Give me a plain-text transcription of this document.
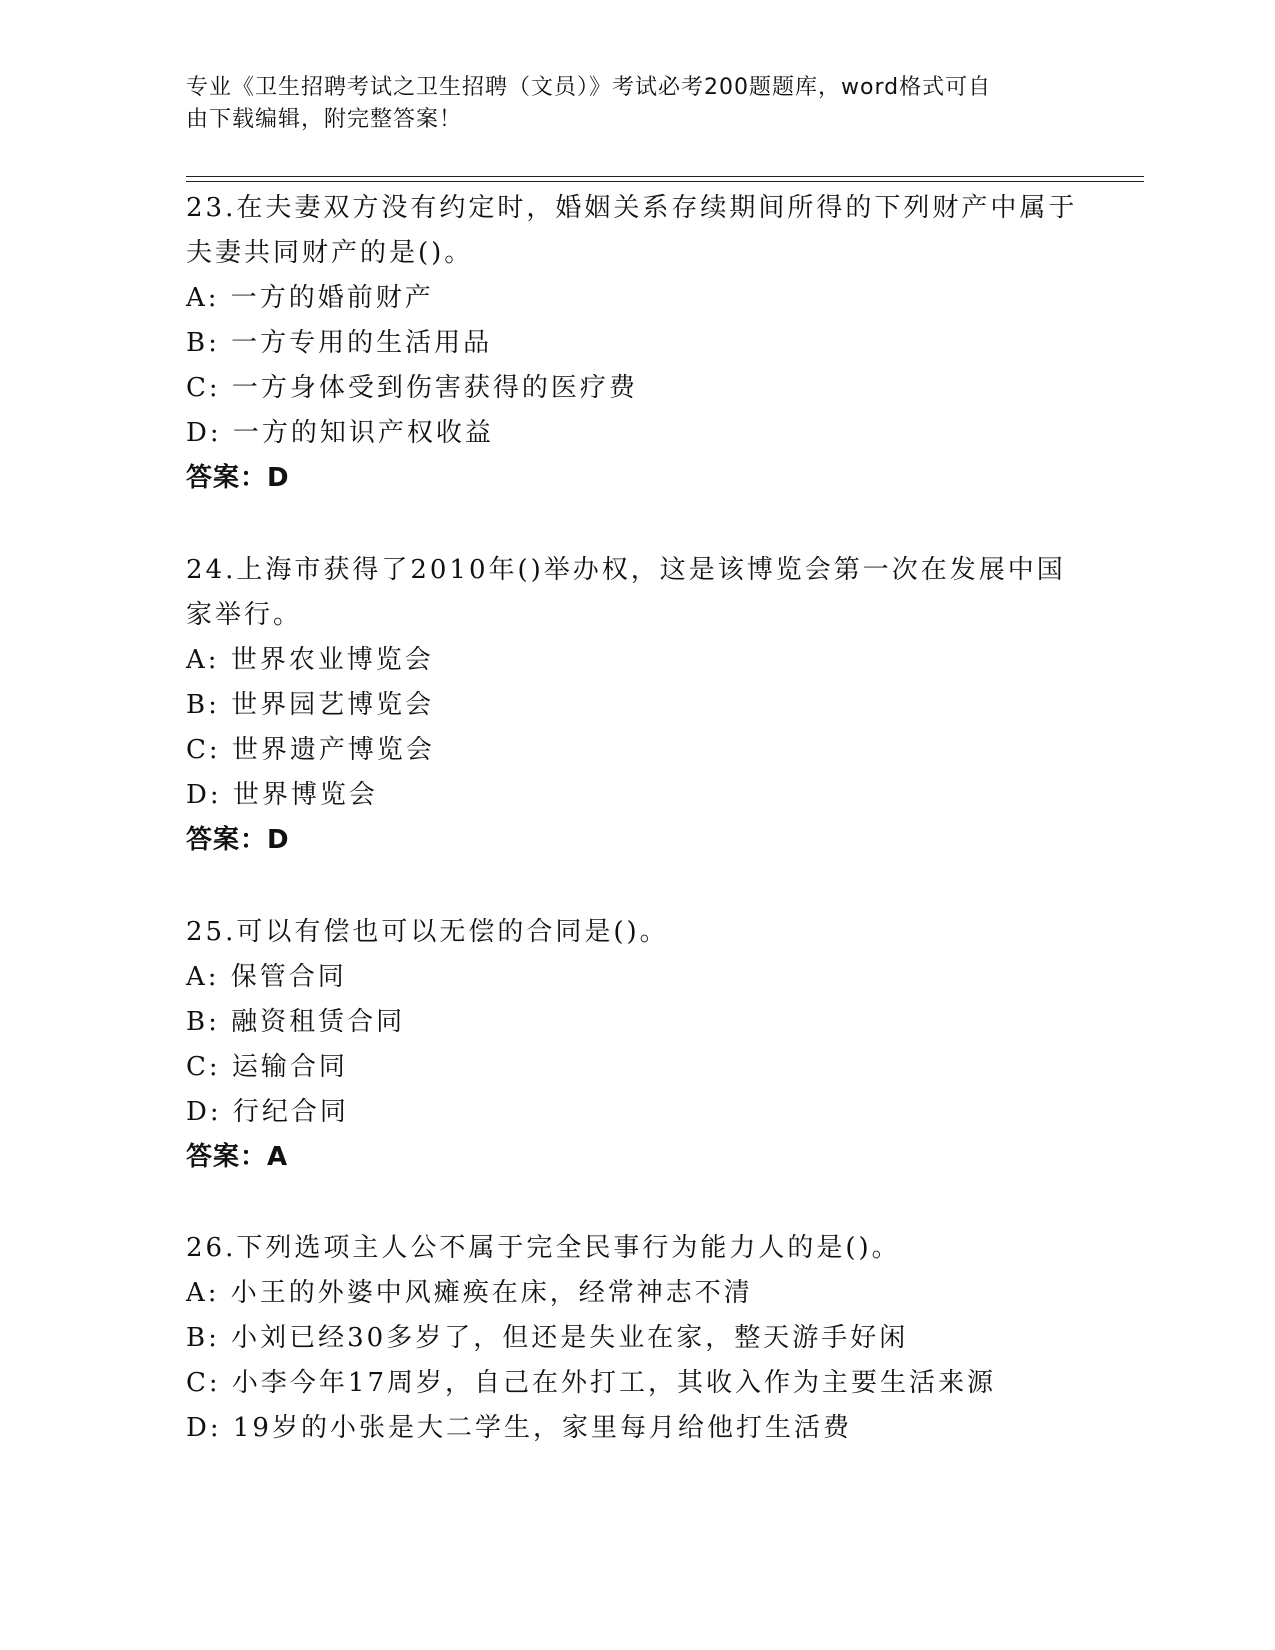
专业《卫生招聘考试之卫生招聘（文员）》考试必考200题题库，word格式可自
由下载编辑，附完整答案！
23.在夫妻双方没有约定时，婚姻关系存续期间所得的下列财产中属于夫妻共同财产的是()。
A: 一方的婚前财产
B: 一方专用的生活用品
C: 一方身体受到伤害获得的医疗费
D: 一方的知识产权收益
答案：D
24.上海市获得了2010年()举办权，这是该博览会第一次在发展中国家举行。
A: 世界农业博览会
B: 世界园艺博览会
C: 世界遗产博览会
D: 世界博览会
答案：D
25.可以有偿也可以无偿的合同是()。
A: 保管合同
B: 融资租赁合同
C: 运输合同
D: 行纪合同
答案：A
26.下列选项主人公不属于完全民事行为能力人的是()。
A: 小王的外婆中风瘫痪在床，经常神志不清
B: 小刘已经30多岁了，但还是失业在家，整天游手好闲
C: 小李今年17周岁，自己在外打工，其收入作为主要生活来源
D: 19岁的小张是大二学生，家里每月给他打生活费
